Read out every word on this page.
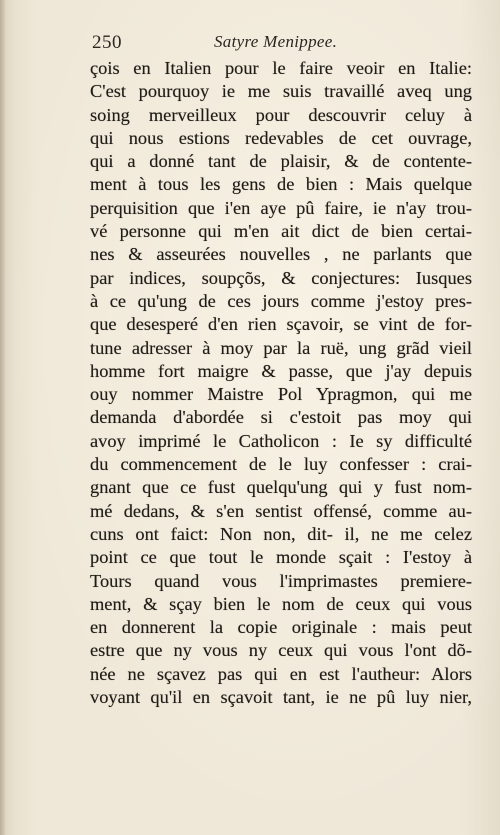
250	Satyre Menippee.
çois en Italien pour le faire veoir en Italie:
C'est pourquoy ie me suis travaillé aveq ung
soing merveilleux pour descouvrir celuy à
qui nous estions redevables de cet ouvrage,
qui a donné tant de plaisir, & de contente-
ment à tous les gens de bien : Mais quelque
perquisition que i'en aye pû faire, ie n'ay trou-
vé personne qui m'en ait dict de bien certai-
nes & asseurées nouvelles , ne parlants que
par indices, soupçõs, & conjectures: Iusques
à ce qu'ung de ces jours comme j'estoy pres-
que desesperé d'en rien sçavoir, se vint de for-
tune adresser à moy par la ruë, ung grãd vieil
homme fort maigre & passe, que j'ay depuis
ouy nommer Maistre Pol Ypragmon, qui me
demanda d'abordée si c'estoit pas moy qui
avoy imprimé le Catholicon : Ie sy difficulté
du commencement de le luy confesser : crai-
gnant que ce fust quelqu'ung qui y fust nom-
mé dedans, & s'en sentist offensé, comme au-
cuns ont faict: Non non, dit- il, ne me celez
point ce que tout le monde sçait : I'estoy à
Tours quand vous l'imprimastes premiere-
ment, & sçay bien le nom de ceux qui vous
en donnerent la copie originale : mais peut
estre que ny vous ny ceux qui vous l'ont dõ-
née ne sçavez pas qui en est l'autheur: Alors
voyant qu'il en sçavoit tant, ie ne pû luy nier,
